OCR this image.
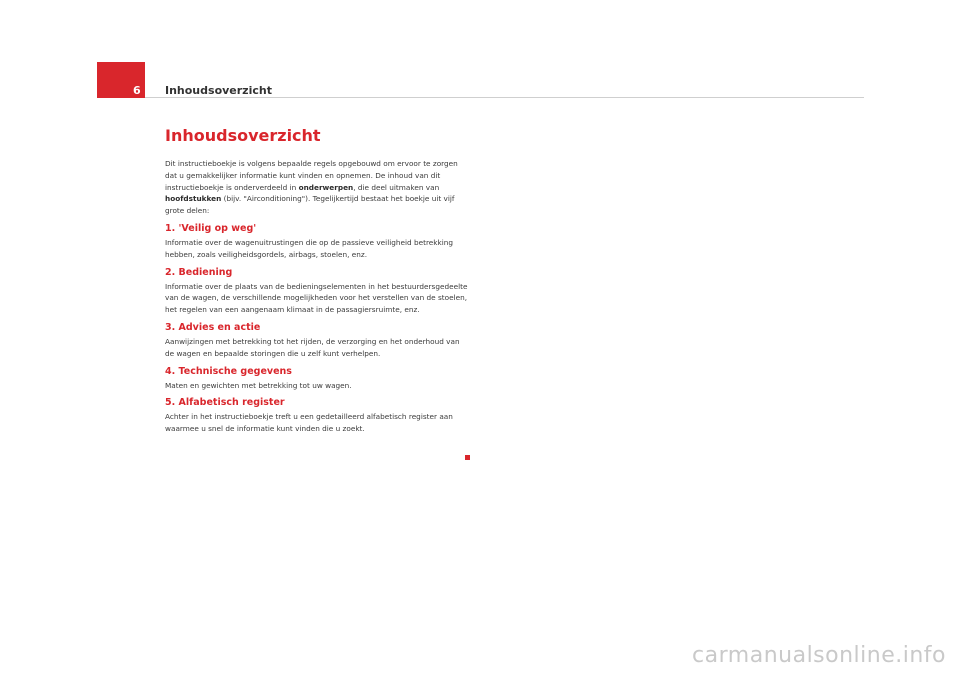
6 Inhoudsoverzicht
Inhoudsoverzicht

Dit instructieboekje is volgens bepaalde regels opgebouwd om ervoor te zorgen dat u gemakkelijker informatie kunt vinden en opnemen. De inhoud van dit instructieboekje is onderverdeeld in onderwerpen, die deel uitmaken van hoofdstukken (bijv. "Airconditioning"). Tegelijkertijd bestaat het boekje uit vijf grote delen:

1. 'Veilig op weg'

Informatie over de wagenuitrustingen die op de passieve veiligheid betrekking hebben, zoals veiligheidsgordels, airbags, stoelen, enz.

2. Bediening

Informatie over de plaats van de bedieningselementen in het bestuurdersgedeelte van de wagen, de verschillende mogelijkheden voor het verstellen van de stoelen, het regelen van een aangenaam klimaat in de passagiersruimte, enz.

3. Advies en actie

Aanwijzingen met betrekking tot het rijden, de verzorging en het onderhoud van de wagen en bepaalde storingen die u zelf kunt verhelpen.

4. Technische gegevens

Maten en gewichten met betrekking tot uw wagen.

5. Alfabetisch register

Achter in het instructieboekje treft u een gedetailleerd alfabetisch register aan waarmee u snel de informatie kunt vinden die u zoekt.

carmanualsonline.info
